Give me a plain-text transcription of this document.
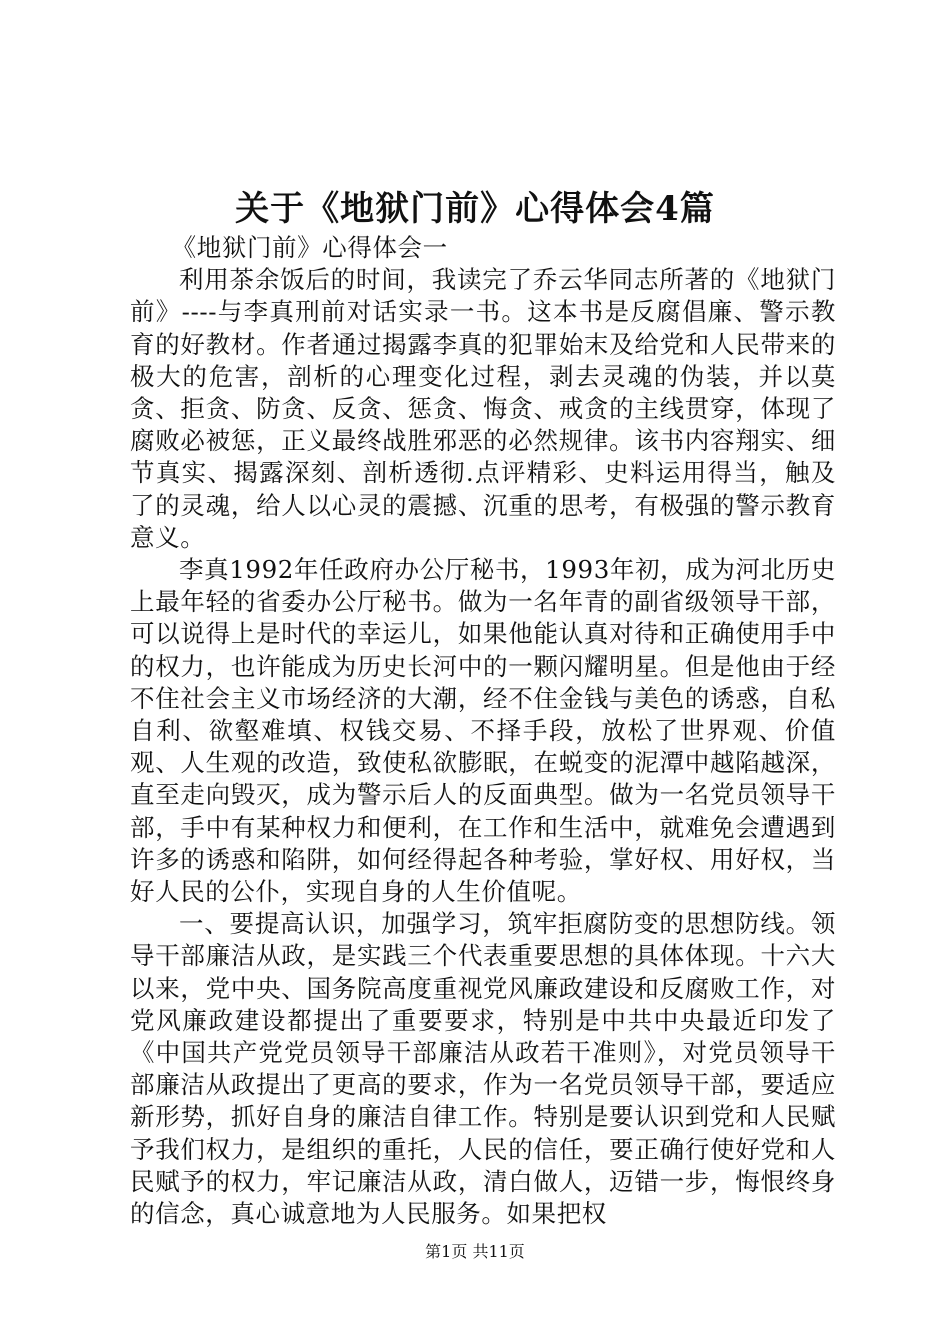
关于《地狱门前》心得体会4篇

《地狱门前》心得体会一

利用茶余饭后的时间，我读完了乔云华同志所著的《地狱门前》----与李真刑前对话实录一书。这本书是反腐倡廉、警示教育的好教材。作者通过揭露李真的犯罪始末及给党和人民带来的极大的危害，剖析的心理变化过程，剥去灵魂的伪装，并以莫贪、拒贪、防贪、反贪、惩贪、悔贪、戒贪的主线贯穿，体现了腐败必被惩，正义最终战胜邪恶的必然规律。该书内容翔实、细节真实、揭露深刻、剖析透彻.点评精彩、史料运用得当，触及了的灵魂，给人以心灵的震撼、沉重的思考，有极强的警示教育意义。

李真1992年任政府办公厅秘书，1993年初，成为河北历史上最年轻的省委办公厅秘书。做为一名年青的副省级领导干部，可以说得上是时代的幸运儿，如果他能认真对待和正确使用手中的权力，也许能成为历史长河中的一颗闪耀明星。但是他由于经不住社会主义市场经济的大潮，经不住金钱与美色的诱惑，自私自利、欲壑难填、权钱交易、不择手段，放松了世界观、价值观、人生观的改造，致使私欲膨眠，在蜕变的泥潭中越陷越深，直至走向毁灭，成为警示后人的反面典型。做为一名党员领导干部，手中有某种权力和便利，在工作和生活中，就难免会遭遇到许多的诱惑和陷阱，如何经得起各种考验，掌好权、用好权，当好人民的公仆，实现自身的人生价值呢。

一、要提高认识，加强学习，筑牢拒腐防变的思想防线。领导干部廉洁从政，是实践三个代表重要思想的具体体现。十六大以来，党中央、国务院高度重视党风廉政建设和反腐败工作，对党风廉政建设都提出了重要要求，特别是中共中央最近印发了《中国共产党党员领导干部廉洁从政若干准则》，对党员领导干部廉洁从政提出了更高的要求，作为一名党员领导干部，要适应新形势，抓好自身的廉洁自律工作。特别是要认识到党和人民赋予我们权力，是组织的重托，人民的信任，要正确行使好党和人民赋予的权力，牢记廉洁从政，清白做人，迈错一步，悔恨终身的信念，真心诚意地为人民服务。如果把权

第1页 共11页
